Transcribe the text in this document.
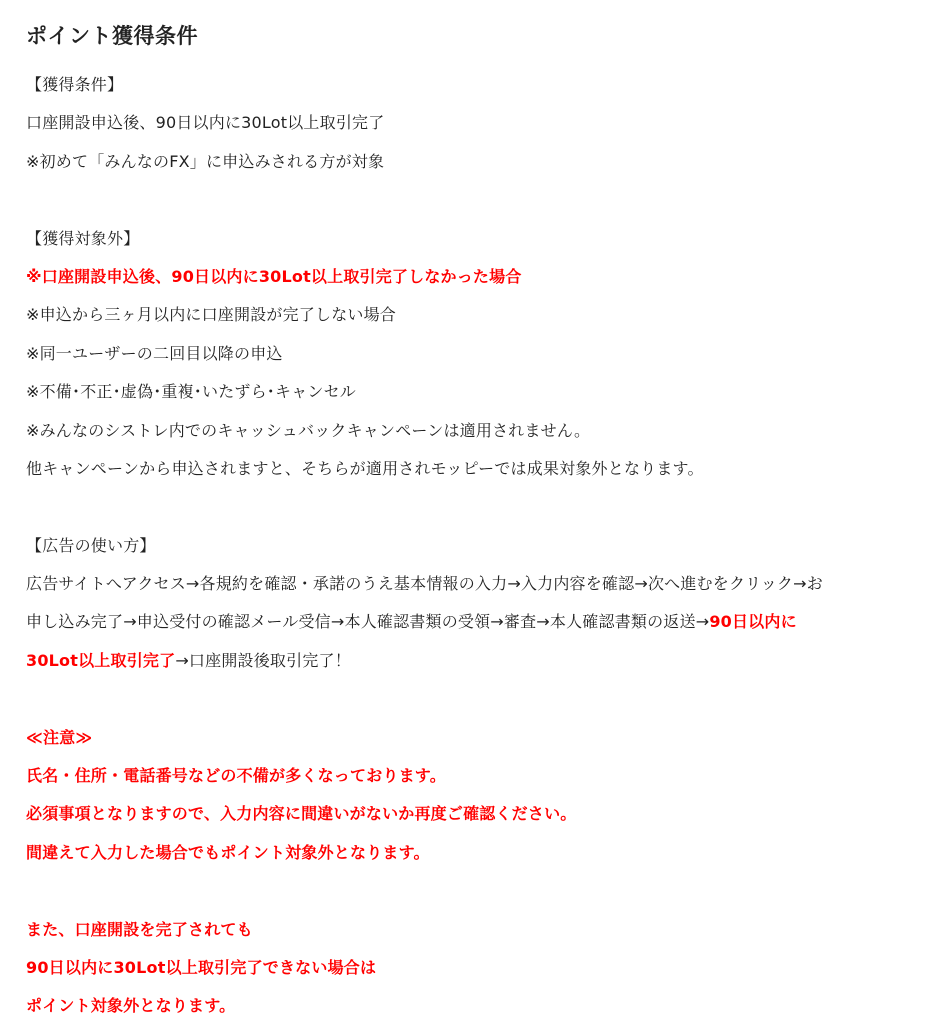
ポイント獲得条件
【獲得条件】
口座開設申込後、90日以内に30Lot以上取引完了
※初めて「みんなのFX」に申込みされる方が対象
【獲得対象外】
※口座開設申込後、90日以内に30Lot以上取引完了しなかった場合
※申込から三ヶ月以内に口座開設が完了しない場合
※同一ユーザーの二回目以降の申込
※不備･不正･虚偽･重複･いたずら･キャンセル
※みんなのシストレ内でのキャッシュバックキャンペーンは適用されません。
他キャンペーンから申込されますと、そちらが適用されモッピーでは成果対象外となります。
【広告の使い方】
広告サイトへアクセス→各規約を確認・承諾のうえ基本情報の入力→入力内容を確認→次へ進むをクリック→お
申し込み完了→申込受付の確認メール受信→本人確認書類の受領→審査→本人確認書類の返送→90日以内に
30Lot以上取引完了→口座開設後取引完了！
≪注意≫
氏名・住所・電話番号などの不備が多くなっております。
必須事項となりますので、入力内容に間違いがないか再度ご確認ください。
間違えて入力した場合でもポイント対象外となります。
また、口座開設を完了されても
90日以内に30Lot以上取引完了できない場合は
ポイント対象外となります。
